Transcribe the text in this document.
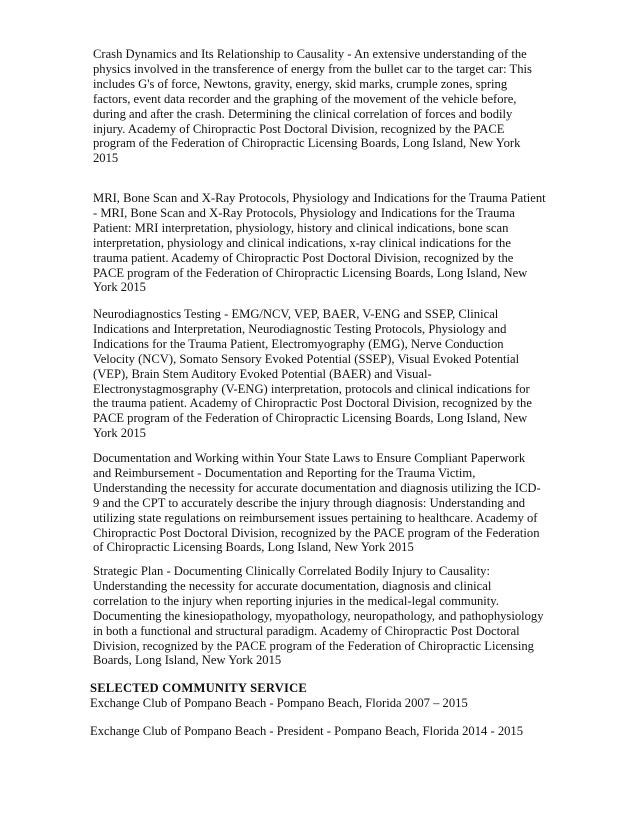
Crash Dynamics and Its Relationship to Causality - An extensive understanding of the
physics involved in the transference of energy from the bullet car to the target car: This
includes G's of force, Newtons, gravity, energy, skid marks, crumple zones, spring
factors, event data recorder and the graphing of the movement of the vehicle before,
during and after the crash. Determining the clinical correlation of forces and bodily
injury. Academy of Chiropractic Post Doctoral Division, recognized by the PACE
program of the Federation of Chiropractic Licensing Boards, Long Island, New York
2015
MRI, Bone Scan and X-Ray Protocols, Physiology and Indications for the Trauma Patient
- MRI, Bone Scan and X-Ray Protocols, Physiology and Indications for the Trauma
Patient: MRI interpretation, physiology, history and clinical indications, bone scan
interpretation, physiology and clinical indications, x-ray clinical indications for the
trauma patient. Academy of Chiropractic Post Doctoral Division, recognized by the
PACE program of the Federation of Chiropractic Licensing Boards, Long Island, New
York 2015
Neurodiagnostics Testing - EMG/NCV, VEP, BAER, V-ENG and SSEP, Clinical
Indications and Interpretation, Neurodiagnostic Testing Protocols, Physiology and
Indications for the Trauma Patient, Electromyography (EMG), Nerve Conduction
Velocity (NCV), Somato Sensory Evoked Potential (SSEP), Visual Evoked Potential
(VEP), Brain Stem Auditory Evoked Potential (BAER) and Visual-
Electronystagmosgraphy (V-ENG) interpretation, protocols and clinical indications for
the trauma patient. Academy of Chiropractic Post Doctoral Division, recognized by the
PACE program of the Federation of Chiropractic Licensing Boards, Long Island, New
York 2015
Documentation and Working within Your State Laws to Ensure Compliant Paperwork
and Reimbursement - Documentation and Reporting for the Trauma Victim,
Understanding the necessity for accurate documentation and diagnosis utilizing the ICD-
9 and the CPT to accurately describe the injury through diagnosis: Understanding and
utilizing state regulations on reimbursement issues pertaining to healthcare. Academy of
Chiropractic Post Doctoral Division, recognized by the PACE program of the Federation
of Chiropractic Licensing Boards, Long Island, New York 2015
Strategic Plan - Documenting Clinically Correlated Bodily Injury to Causality:
Understanding the necessity for accurate documentation, diagnosis and clinical
correlation to the injury when reporting injuries in the medical-legal community.
Documenting the kinesiopathology, myopathology, neuropathology, and pathophysiology
in both a functional and structural paradigm. Academy of Chiropractic Post Doctoral
Division, recognized by the PACE program of the Federation of Chiropractic Licensing
Boards, Long Island, New York 2015
SELECTED COMMUNITY SERVICE
Exchange Club of Pompano Beach - Pompano Beach, Florida 2007 – 2015
Exchange Club of Pompano Beach - President - Pompano Beach, Florida 2014 - 2015
